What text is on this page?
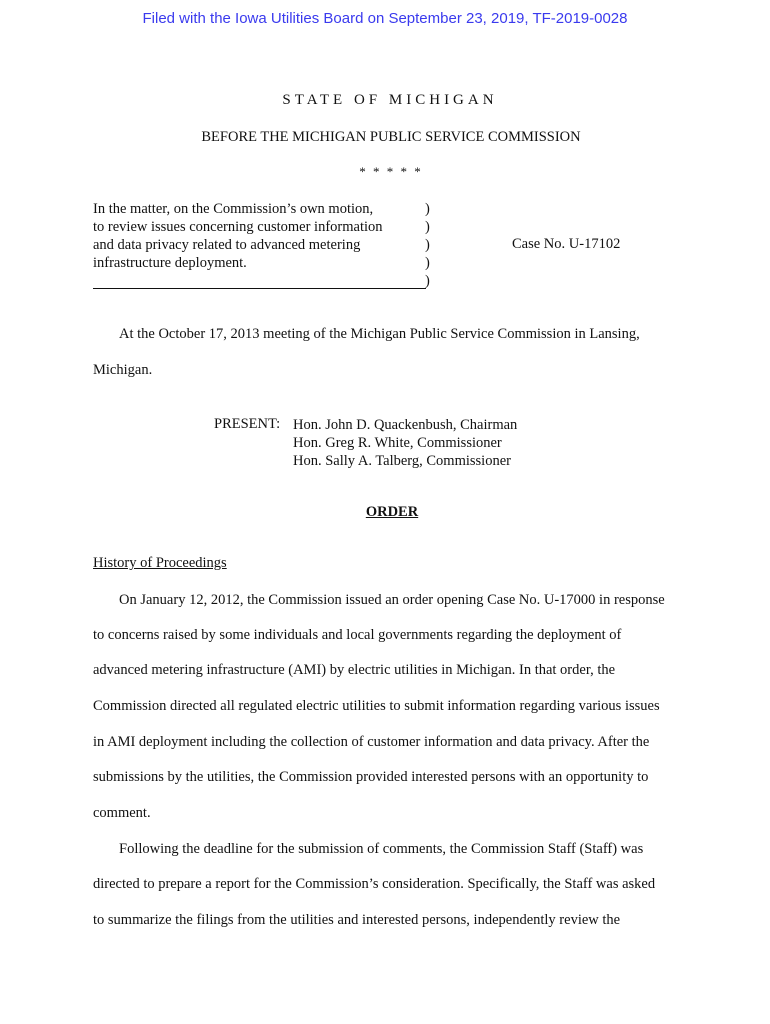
Filed with the Iowa Utilities Board on September 23, 2019, TF-2019-0028
STATE OF MICHIGAN
BEFORE THE MICHIGAN PUBLIC SERVICE COMMISSION
* * * * *
In the matter, on the Commission’s own motion,
to review issues concerning customer information
and data privacy related to advanced metering
infrastructure deployment.
)
)
)
)
)
Case No. U-17102
At the October 17, 2013 meeting of the Michigan Public Service Commission in Lansing,
Michigan.
PRESENT: Hon. John D. Quackenbush, Chairman
Hon. Greg R. White, Commissioner
Hon. Sally A. Talberg, Commissioner
ORDER
History of Proceedings
On January 12, 2012, the Commission issued an order opening Case No. U-17000 in response
to concerns raised by some individuals and local governments regarding the deployment of
advanced metering infrastructure (AMI) by electric utilities in Michigan. In that order, the
Commission directed all regulated electric utilities to submit information regarding various issues
in AMI deployment including the collection of customer information and data privacy. After the
submissions by the utilities, the Commission provided interested persons with an opportunity to
comment.
Following the deadline for the submission of comments, the Commission Staff (Staff) was
directed to prepare a report for the Commission’s consideration. Specifically, the Staff was asked
to summarize the filings from the utilities and interested persons, independently review the
